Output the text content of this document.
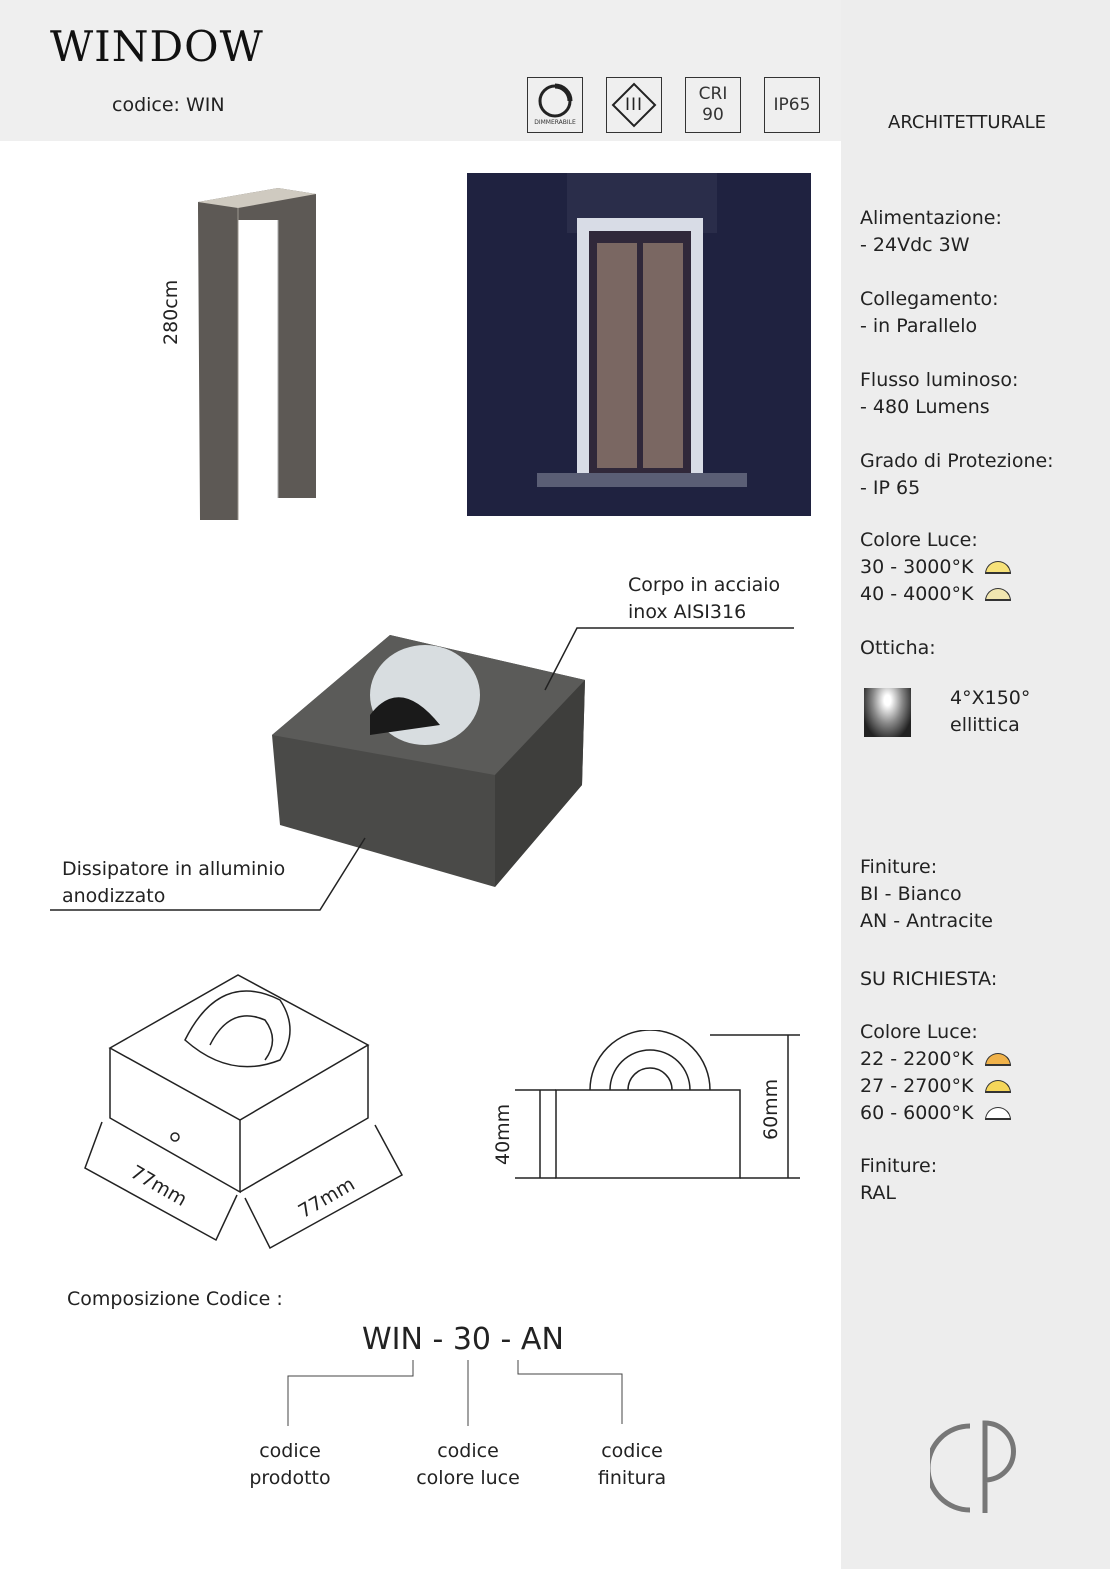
WINDOW
codice: WIN
DIMMERABILE
III
CRI
90
IP65
ARCHITETTURALE
280cm
Corpo in acciaio
inox AISI316
Dissipatore in alluminio
anodizzato
77mm	77mm
40mm	60mm
Composizione Codice :
WIN - 30 - AN
codice
prodotto
codice
colore luce
codice
finitura
Alimentazione:
- 24Vdc 3W
Collegamento:
- in Parallelo
Flusso luminoso:
- 480 Lumens
Grado di Protezione:
- IP 65
Colore Luce:
30 - 3000°K
40 - 4000°K
Otticha:
4°X150°
ellittica
Finiture:
BI - Bianco
AN - Antracite
SU RICHIESTA:
Colore Luce:
22 - 2200°K
27 - 2700°K
60 - 6000°K
Finiture:
RAL
